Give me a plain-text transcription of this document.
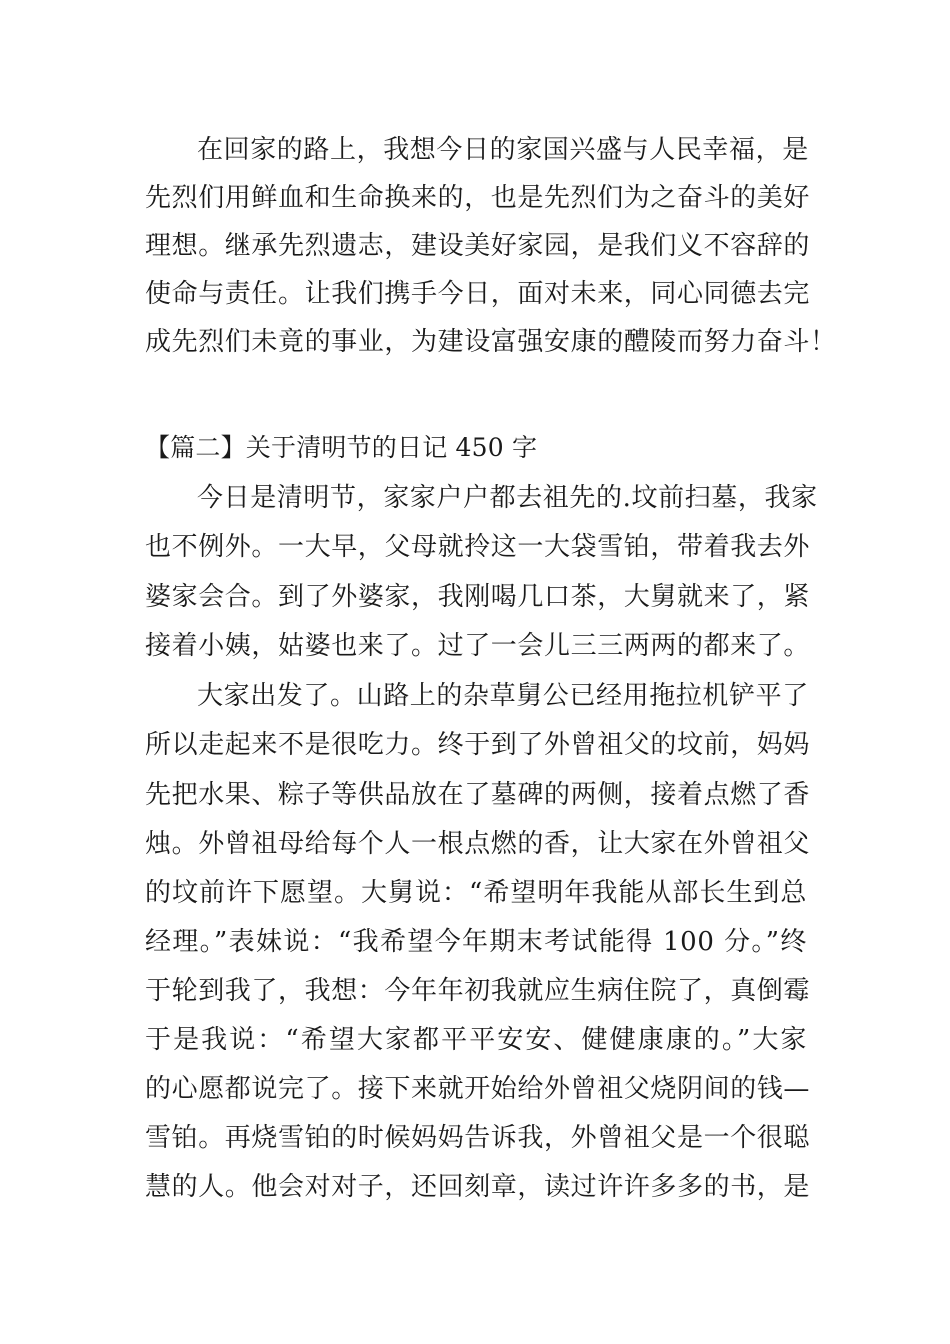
在回家的路上，我想今日的家国兴盛与人民幸福，是
先烈们用鲜血和生命换来的，也是先烈们为之奋斗的美好
理想。继承先烈遗志，建设美好家园，是我们义不容辞的
使命与责任。让我们携手今日，面对未来，同心同德去完
成先烈们未竟的事业，为建设富强安康的醴陵而努力奋斗！
【篇二】关于清明节的日记 450 字
今日是清明节，家家户户都去祖先的.坟前扫墓，我家
也不例外。一大早，父母就拎这一大袋雪铂，带着我去外
婆家会合。到了外婆家，我刚喝几口茶，大舅就来了，紧
接着小姨，姑婆也来了。过了一会儿三三两两的都来了。
大家出发了。山路上的杂草舅公已经用拖拉机铲平了
所以走起来不是很吃力。终于到了外曾祖父的坟前，妈妈
先把水果、粽子等供品放在了墓碑的两侧，接着点燃了香
烛。外曾祖母给每个人一根点燃的香，让大家在外曾祖父
的坟前许下愿望。大舅说：“希望明年我能从部长生到总
经理。”表妹说：“我希望今年期末考试能得 100 分。”终
于轮到我了，我想：今年年初我就应生病住院了，真倒霉
于是我说：“希望大家都平平安安、健健康康的。”大家
的心愿都说完了。接下来就开始给外曾祖父烧阴间的钱—
雪铂。再烧雪铂的时候妈妈告诉我，外曾祖父是一个很聪
慧的人。他会对对子，还回刻章，读过许许多多的书，是
